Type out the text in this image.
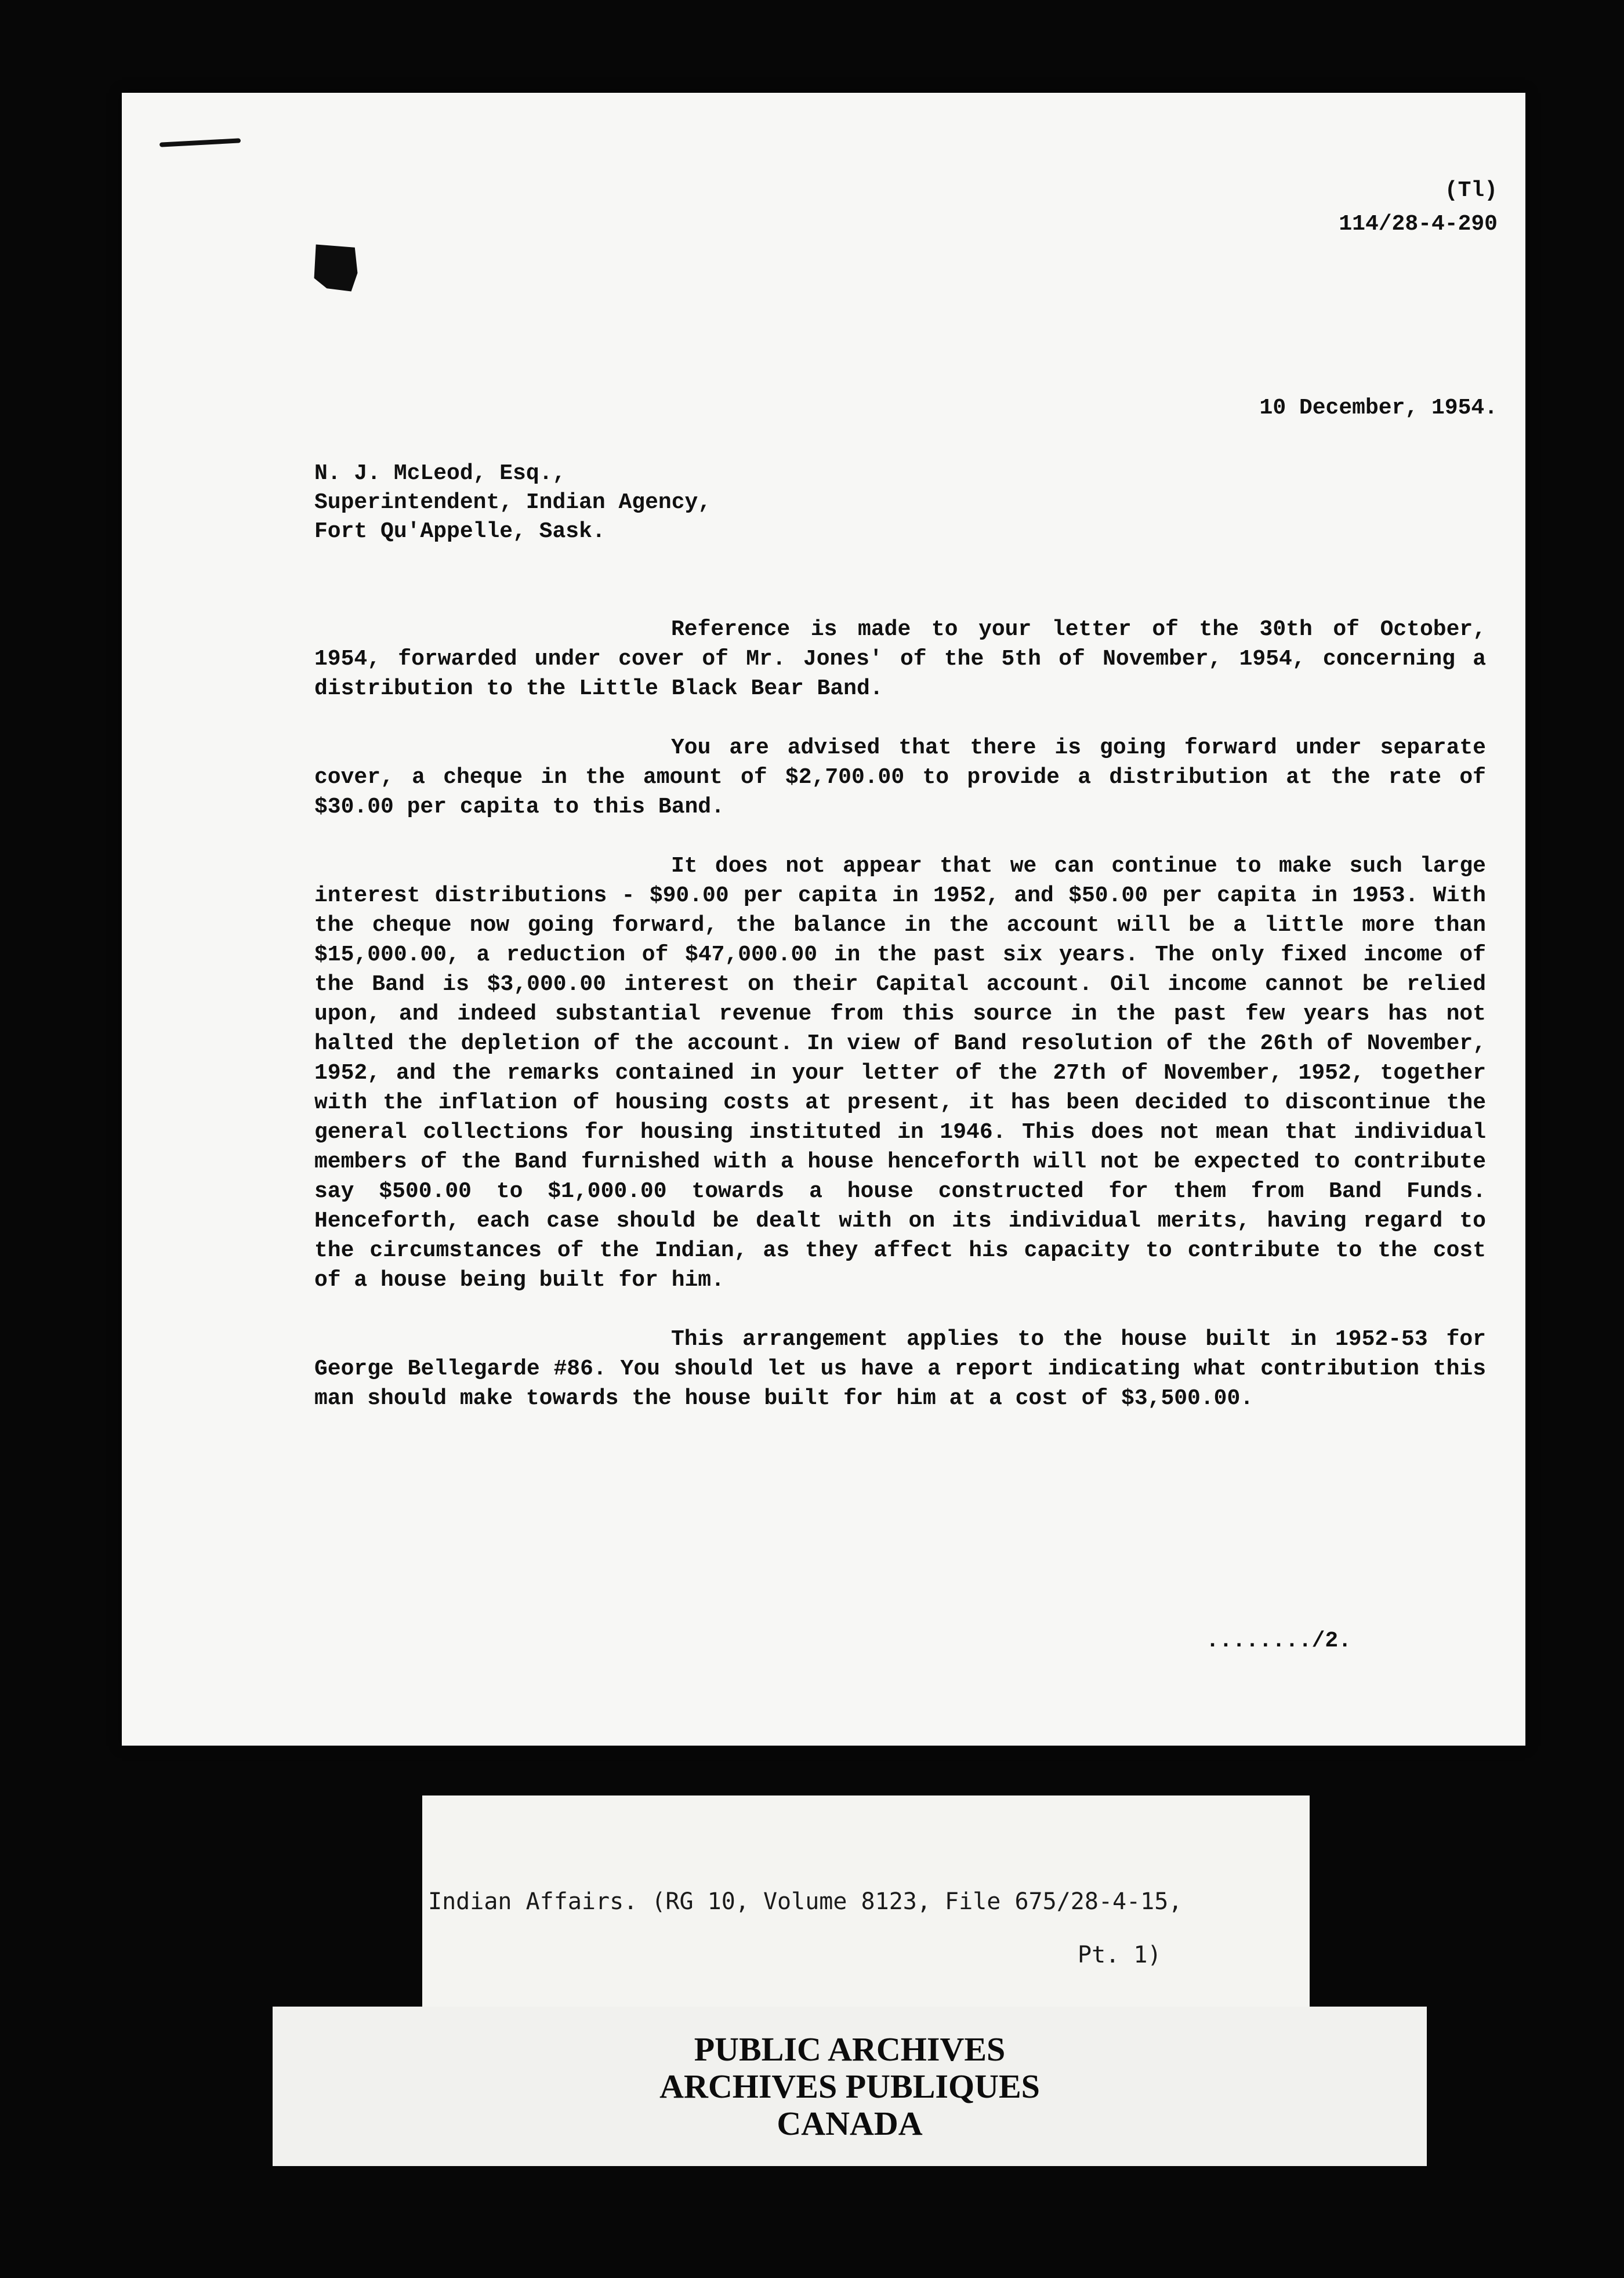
(Tl)
114/28-4-290
10 December, 1954.
N. J. McLeod, Esq.,
Superintendent, Indian Agency,
Fort Qu'Appelle, Sask.

Reference is made to your letter of the 30th of October, 1954, forwarded under cover of Mr. Jones' of the 5th of November, 1954, concerning a distribution to the Little Black Bear Band.

You are advised that there is going forward under separate cover, a cheque in the amount of $2,700.00 to provide a distribution at the rate of $30.00 per capita to this Band.

It does not appear that we can continue to make such large interest distributions - $90.00 per capita in 1952, and $50.00 per capita in 1953. With the cheque now going forward, the balance in the account will be a little more than $15,000.00, a reduction of $47,000.00 in the past six years. The only fixed income of the Band is $3,000.00 interest on their Capital account. Oil income cannot be relied upon, and indeed substantial revenue from this source in the past few years has not halted the depletion of the account. In view of Band resolution of the 26th of November, 1952, and the remarks contained in your letter of the 27th of November, 1952, together with the inflation of housing costs at present, it has been decided to discontinue the general collections for housing instituted in 1946. This does not mean that individual members of the Band furnished with a house henceforth will not be expected to contribute say $500.00 to $1,000.00 towards a house constructed for them from Band Funds. Henceforth, each case should be dealt with on its individual merits, having regard to the circumstances of the Indian, as they affect his capacity to contribute to the cost of a house being built for him.

This arrangement applies to the house built in 1952-53 for George Bellegarde #86. You should let us have a report indicating what contribution this man should make towards the house built for him at a cost of $3,500.00.

......../2.
Indian Affairs. (RG 10, Volume 8123, File 675/28-4-15,
Pt. 1)
PUBLIC ARCHIVES
ARCHIVES PUBLIQUES
CANADA
